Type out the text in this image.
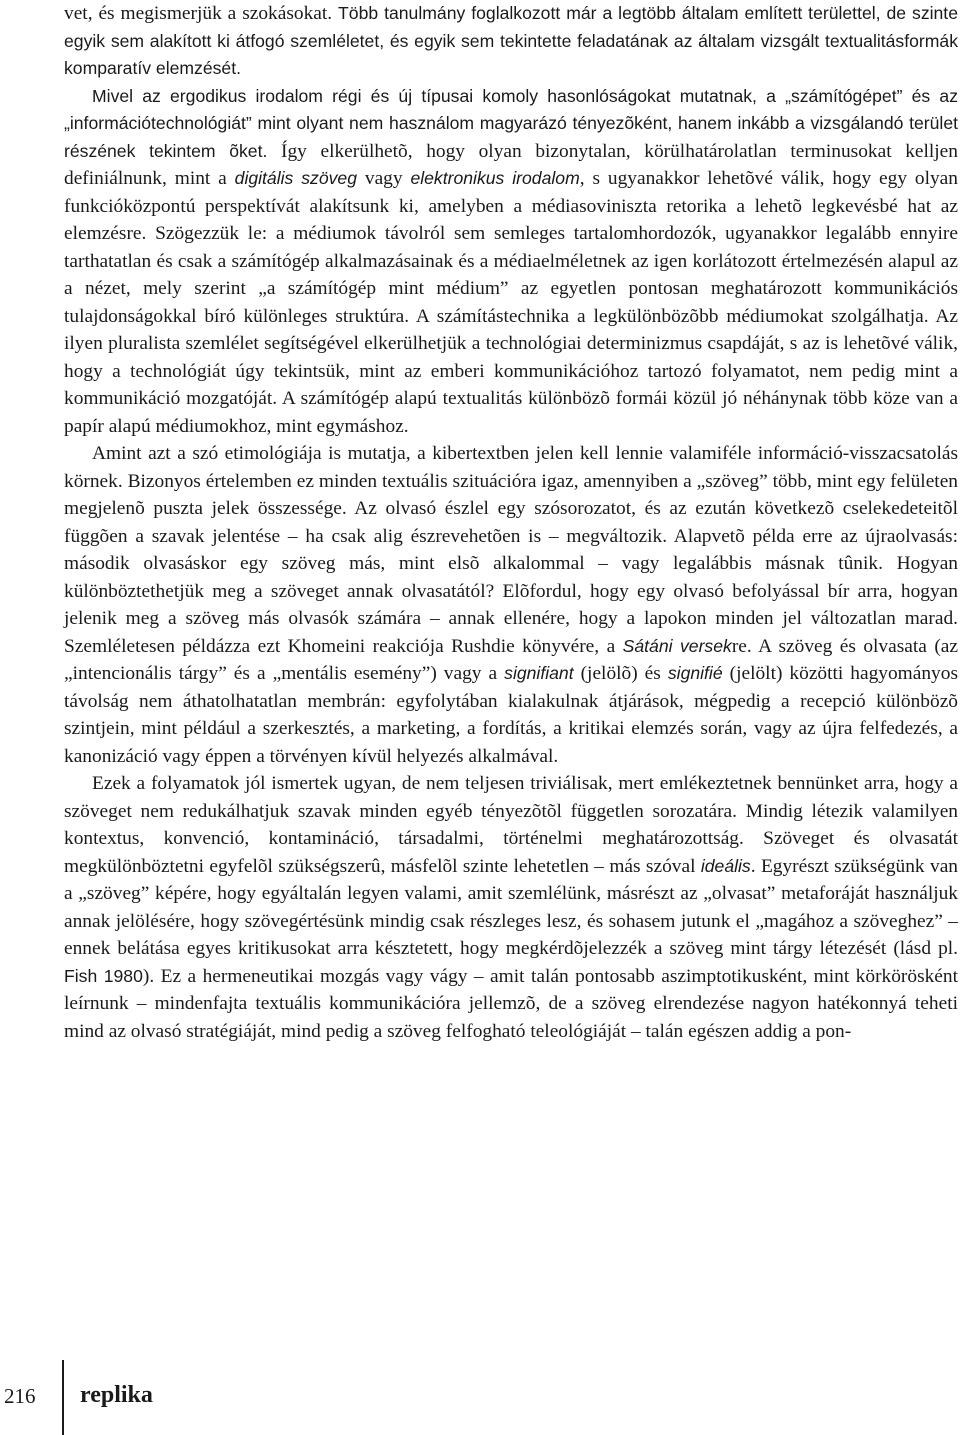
vet, és megismerjük a szokásokat. Több tanulmány foglalkozott már a legtöbb általam említett területtel, de szinte egyik sem alakított ki átfogó szemléletet, és egyik sem tekintette feladatának az általam vizsgált textualitásformák komparatív elemzését.

Mivel az ergodikus irodalom régi és új típusai komoly hasonlóságokat mutatnak, a „számítógépet” és az „információtechnológiát” mint olyant nem használom magyarázó tényezõként, hanem inkább a vizsgálandó terület részének tekintem õket. Így elkerülhetõ, hogy olyan bizonytalan, körülhatárolatlan terminusokat kelljen definiálnunk, mint a digitális szöveg vagy elektronikus irodalom, s ugyanakkor lehetõvé válik, hogy egy olyan funkcióközpontú perspektívát alakítsunk ki, amelyben a médiasoviniszta retorika a lehetõ legkevésbé hat az elemzésre. Szögezzük le: a médiumok távolról sem semleges tartalomhordozók, ugyanakkor legalább ennyire tarthatatlan és csak a számítógép alkalmazásainak és a médiaelméletnek az igen korlátozott értelmezésén alapul az a nézet, mely szerint „a számítógép mint médium” az egyetlen pontosan meghatározott kommunikációs tulajdonságokkal bíró különleges struktúra. A számítástechnika a legkülönbözõbb médiumokat szolgálhatja. Az ilyen pluralista szemlélet segítségével elkerülhetjük a technológiai determinizmus csapdáját, s az is lehetõvé válik, hogy a technológiát úgy tekintsük, mint az emberi kommunikációhoz tartozó folyamatot, nem pedig mint a kommunikáció mozgatóját. A számítógép alapú textualitás különbözõ formái közül jó néhánynak több köze van a papír alapú médiumokhoz, mint egymáshoz.

Amint azt a szó etimológiája is mutatja, a kibertextben jelen kell lennie valamiféle információ-visszacsatolás körnek. Bizonyos értelemben ez minden textuális szituációra igaz, amennyiben a „szöveg” több, mint egy felületen megjelenõ puszta jelek összessége. Az olvasó észlel egy szósorozatot, és az ezután következõ cselekedeteitõl függõen a szavak jelentése – ha csak alig észrevehetõen is – megváltozik. Alapvetõ példa erre az újraolvasás: második olvasáskor egy szöveg más, mint elsõ alkalommal – vagy legalábbis másnak tûnik. Hogyan különböztethetjük meg a szöveget annak olvasatától? Elõfordul, hogy egy olvasó befolyással bír arra, hogyan jelenik meg a szöveg más olvasók számára – annak ellenére, hogy a lapokon minden jel változatlan marad. Szemléletesen példázza ezt Khomeini reakciója Rushdie könyvére, a Sátáni versekre. A szöveg és olvasata (az „intencionális tárgy” és a „mentális esemény”) vagy a signifiant (jelölõ) és signifié (jelölt) közötti hagyományos távolság nem áthatolhatatlan membrán: egyfolytában kialakulnak átjárások, mégpedig a recepció különbözõ szintjein, mint például a szerkesztés, a marketing, a fordítás, a kritikai elemzés során, vagy az újra felfedezés, a kanonizáció vagy éppen a törvényen kívül helyezés alkalmával.

Ezek a folyamatok jól ismertek ugyan, de nem teljesen triviálisak, mert emlékeztetnek bennünket arra, hogy a szöveget nem redukálhatjuk szavak minden egyéb tényezõtõl független sorozatára. Mindig létezik valamilyen kontextus, konvenció, kontamináció, társadalmi, történelmi meghatározottság. Szöveget és olvasatát megkülönböztetni egyfelõl szükségszerû, másfelõl szinte lehetetlen – más szóval ideális. Egyrészt szükségünk van a „szöveg” képére, hogy egyáltalán legyen valami, amit szemlélünk, másrészt az „olvasat” metaforáját használjuk annak jelölésére, hogy szövegértésünk mindig csak részleges lesz, és sohasem jutunk el „magához a szöveghez” – ennek belátása egyes kritikusokat arra késztetett, hogy megkérdõjelezzék a szöveg mint tárgy létezését (lásd pl. Fish 1980). Ez a hermeneutikai mozgás vagy vágy – amit talán pontosabb aszimptotikusként, mint körkörösként leírnunk – mindenfajta textuális kommunikációra jellemzõ, de a szöveg elrendezése nagyon hatékonnyá teheti mind az olvasó stratégiáját, mind pedig a szöveg felfogható teleológiáját – talán egészen addig a pon-

216 replika
